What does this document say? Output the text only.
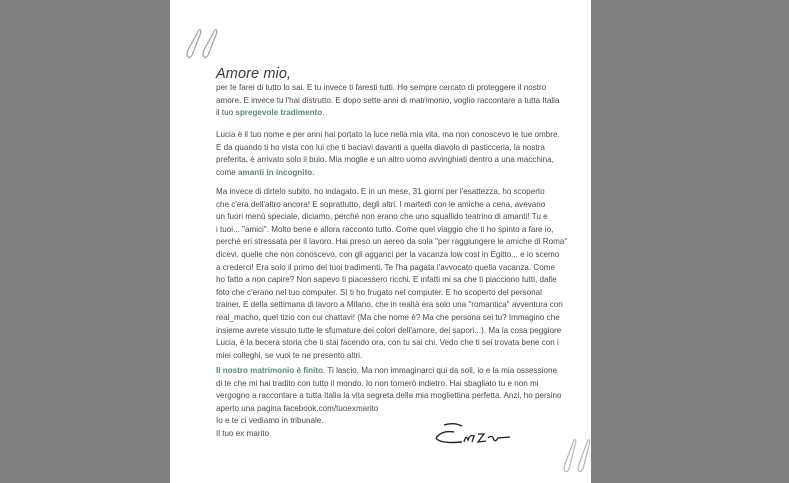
Amore mio,
per te farei di tutto lo sai. E tu invece ti faresti tutti. Ho sempre cercato di proteggere il nostro
amore. E invece tu l'hai distrutto. E dopo sette anni di matrimonio, voglio raccontare a tutta Italia
il tuo spregevole tradimento.
Lucia è il tuo nome e per anni hai portato la luce nella mia vita, ma non conoscevo le tue ombre.
E da quando ti ho vista con lui che ti baciavi davanti a quella diavolo di pasticceria, la nostra
preferita, è arrivato solo il buio. Mia moglie e un altro uomo avvinghiati dentro a una macchina,
come amanti in incognito.
Ma invece di dirtelo subito, ho indagato. E in un mese, 31 giorni per l'esattezza, ho scoperto
che c'era dell'altro ancora! E soprattutto, degli altri. I martedì con le amiche a cena, avevano
un fuori menù speciale, diciamo, perché non erano che uno squallido teatrino di amanti! Tu e
i tuoi... "amici". Molto bene e allora racconto tutto. Come quel viaggio che ti ho spinto a fare io,
perché eri stressata per il lavoro. Hai preso un aereo da sola "per raggiungere le amiche di Roma"
dicevi, quelle che non conoscevo, con gli agganci per la vacanza low cost in Egitto... e io scemo
a crederci! Era solo il primo dei tuoi tradimenti. Te l'ha pagata l'avvocato quella vacanza. Come
ho fatto a non capire? Non sapevo ti piacessero ricchi. E infatti mi sa che ti piacciono tutti, dalle
foto che c'erano nel tuo computer. Sì ti ho frugato nel computer. E ho scoperto del personal
trainer. E della settimana di lavoro a Milano, che in realtà era solo una "romantica" avventura con
real_macho, quel tizio con cui chattavi! (Ma che nome è? Ma che persona sei tu? Immagino che
insieme avrete vissuto tutte le sfumature dei colori dell'amore, dei sapori...). Ma la cosa peggiore
Lucia, è la becera storia che ti stai facendo ora, con tu sai chi. Vedo che ti sei trovata bene con i
miei colleghi, se vuoi te ne presento altri.
Il nostro matrimonio è finito. Ti lascio. Ma non immaginarci qui da soli, io e la mia ossessione
di te che mi hai tradito con tutto il mondo. Io non tornerò indietro. Hai sbagliato tu e non mi
vergogno a raccontare a tutta Italia la vita segreta della mia mogliettina perfetta. Anzi, ho persino
aperto una pagina facebook.com/tuoexmarito
Io e te ci vediamo in tribunale.
Il tuo ex marito
